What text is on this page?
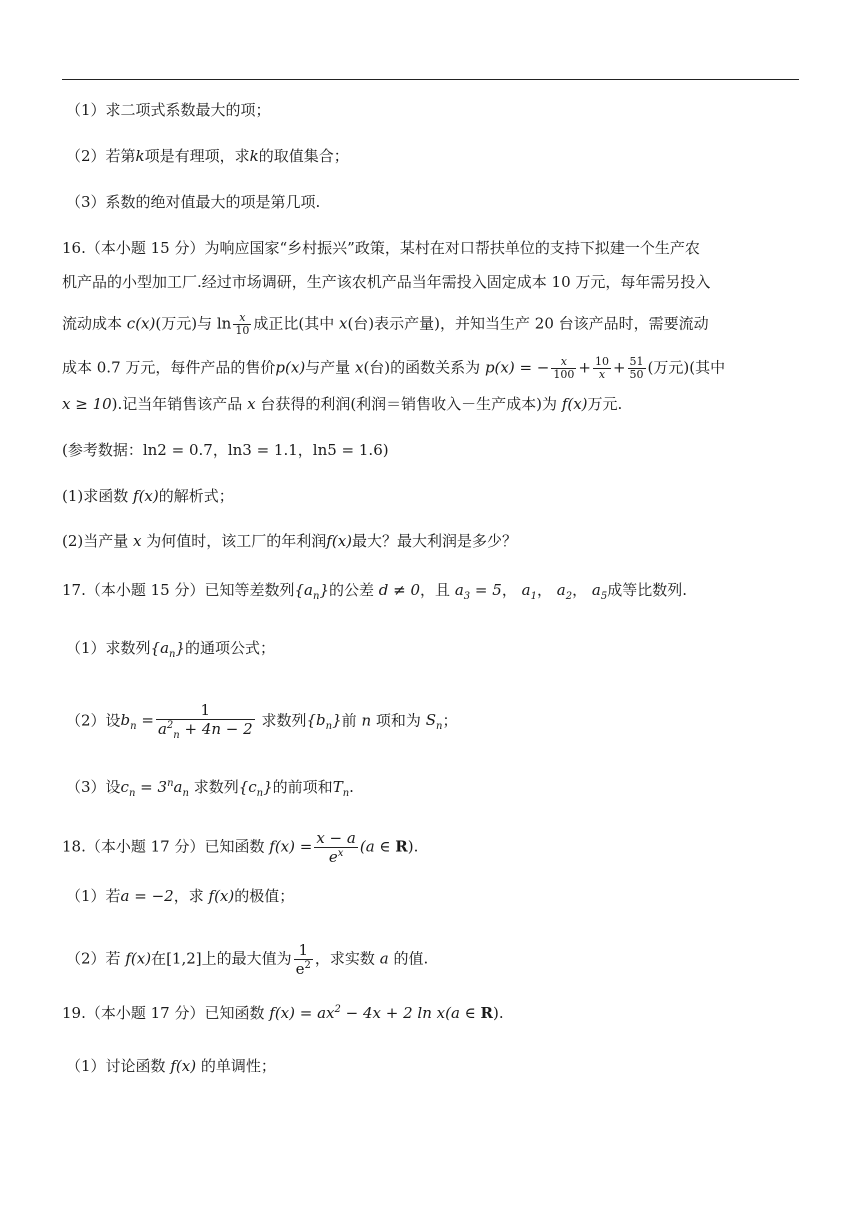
（1）求二项式系数最大的项；
（2）若第k项是有理项，求k的取值集合；
（3）系数的绝对值最大的项是第几项.
16.（本小题 15 分）为响应国家“乡村振兴”政策，某村在对口帮扶单位的支持下拟建一个生产农
机产品的小型加工厂.经过市场调研，生产该农机产品当年需投入固定成本 10 万元，每年需另投入
流动成本 c(x)(万元)与 $\ln \frac{x}{10}$ 成正比(其中 x(台)表示产量)，并知当生产 20 台该产品时，需要流动
成本 0.7 万元，每件产品的售价p(x)与产量 x(台)的函数关系为 p(x) = − $\frac{x}{100} + \frac{10}{x} + \frac{51}{50}$ (万元)(其中
x ≥ 10).记当年销售该产品 x 台获得的利润(利润＝销售收入－生产成本)为 f(x)万元.
(参考数据：ln2 = 0.7，ln3 = 1.1，ln5 = 1.6)
(1)求函数 f(x)的解析式；
(2)当产量 x 为何值时，该工厂的年利润f(x)最大？最大利润是多少？
17.（本小题 15 分）已知等差数列$\{a_n\}$的公差 d ≠ 0，且 $a_3 = 5$， $a_1$， $a_2$， $a_5$成等比数列.
（1）求数列$\{a_n\}$的通项公式；
（2）设$b_n = \frac{1}{a^2_n + 4n - 2}$ 求数列$\{b_n\}$前 n 项和为 $S_n$；
（3）设$c_n = 3^na_n$ 求数列$\{c_n\}$的前项和$T_n$.
18.（本小题 17 分）已知函数 $f(x) = \frac{x - a}{e^x} (a$ ∈ R).
（1）若a = −2，求 f(x)的极值；
（2）若 f(x)在[1,2]上的最大值为 $\frac{1}{e^2}$ ，求实数 a 的值.
19.（本小题 17 分）已知函数 $f(x) = ax^2 - 4x + 2$ ln x(a ∈ R).
（1）讨论函数 f(x) 的单调性；
